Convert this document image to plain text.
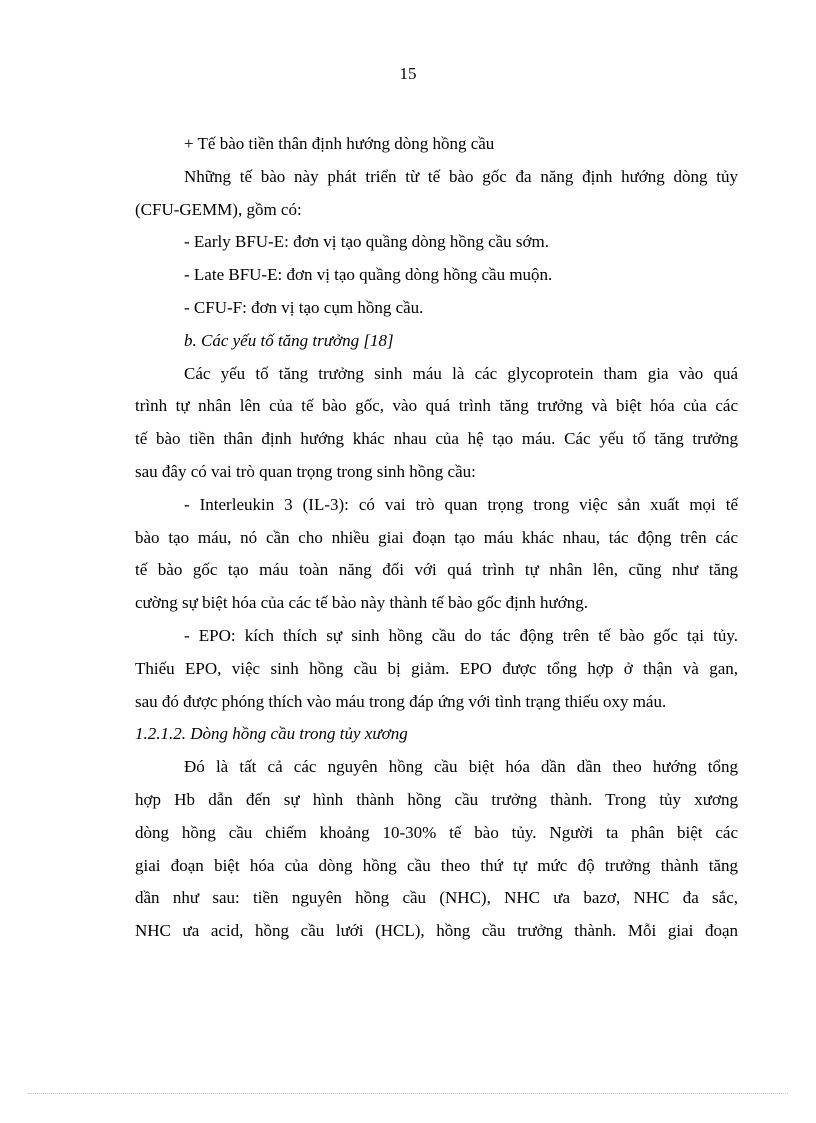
15

+ Tế bào tiền thân định hướng dòng hồng cầu

Những tế bào này phát triển từ tế bào gốc đa năng định hướng dòng tủy
(CFU-GEMM), gồm có:

- Early BFU-E: đơn vị tạo quầng dòng hồng cầu sớm.

- Late BFU-E: đơn vị tạo quầng dòng hồng cầu muộn.

- CFU-F: đơn vị tạo cụm hồng cầu.

b. Các yếu tố tăng trưởng [18]

Các yếu tố tăng trưởng sinh máu là các glycoprotein tham gia vào quá
trình tự nhân lên của tế bào gốc, vào quá trình tăng trưởng và biệt hóa của các
tế bào tiền thân định hướng khác nhau của hệ tạo máu. Các yếu tố tăng trưởng
sau đây có vai trò quan trọng trong sinh hồng cầu:

- Interleukin 3 (IL-3): có vai trò quan trọng trong việc sản xuất mọi tế
bào tạo máu, nó cần cho nhiều giai đoạn tạo máu khác nhau, tác động trên các
tế bào gốc tạo máu toàn năng đối với quá trình tự nhân lên, cũng như tăng
cường sự biệt hóa của các tế bào này thành tế bào gốc định hướng.

- EPO: kích thích sự sinh hồng cầu do tác động trên tế bào gốc tại tủy.
Thiếu EPO, việc sinh hồng cầu bị giảm. EPO được tổng hợp ở thận và gan,
sau đó được phóng thích vào máu trong đáp ứng với tình trạng thiếu oxy máu.

1.2.1.2. Dòng hồng cầu trong tủy xương

Đó là tất cả các nguyên hồng cầu biệt hóa dần dần theo hướng tổng
hợp Hb dẫn đến sự hình thành hồng cầu trưởng thành. Trong tủy xương
dòng hồng cầu chiếm khoảng 10-30% tế bào tủy. Người ta phân biệt các
giai đoạn biệt hóa của dòng hồng cầu theo thứ tự mức độ trưởng thành tăng
dần như sau: tiền nguyên hồng cầu (NHC), NHC ưa bazơ, NHC đa sắc,
NHC ưa acid, hồng cầu lưới (HCL), hồng cầu trưởng thành. Mỗi giai đoạn
